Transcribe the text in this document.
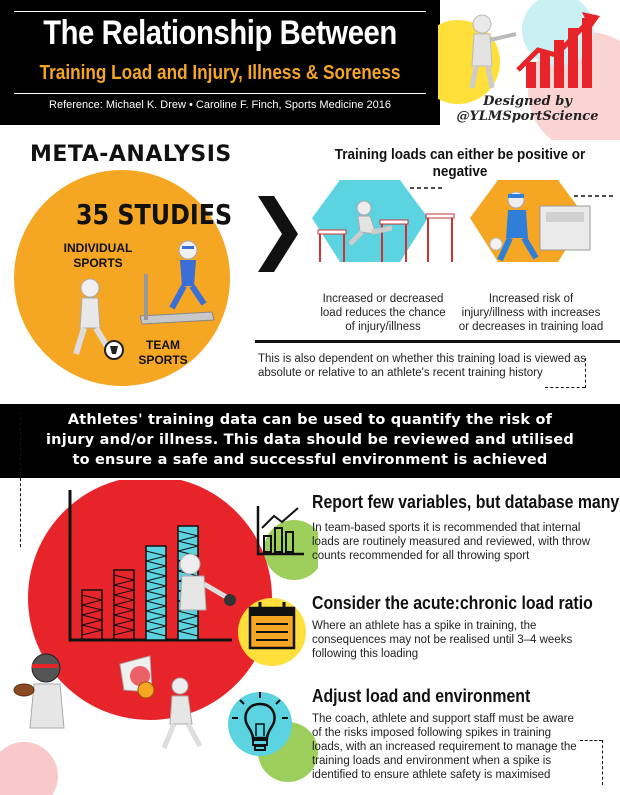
The Relationship Between
Training Load and Injury, Illness & Soreness
Reference: Michael K. Drew • Caroline F. Finch, Sports Medicine 2016	Designed by
@YLMSportScience
META-ANALYSIS
35 STUDIES
INDIVIDUAL
SPORTS
TEAM
SPORTS
Training loads can either be positive or negative
Increased or decreased load reduces the chance of injury/illness
Increased risk of injury/illness with increases or decreases in training load
This is also dependent on whether this training load is viewed as absolute or relative to an athlete's recent training history
Athletes' training data can be used to quantify the risk of
injury and/or illness. This data should be reviewed and utilised
to ensure a safe and successful environment is achieved
Report few variables, but database many
In team-based sports it is recommended that internal loads are routinely measured and reviewed, with throw counts recommended for all throwing sport
Consider the acute:chronic load ratio
Where an athlete has a spike in training, the consequences may not be realised until 3–4 weeks following this loading
Adjust load and environment
The coach, athlete and support staff must be aware of the risks imposed following spikes in training loads, with an increased requirement to manage the training loads and environment when a spike is identified to ensure athlete safety is maximised
